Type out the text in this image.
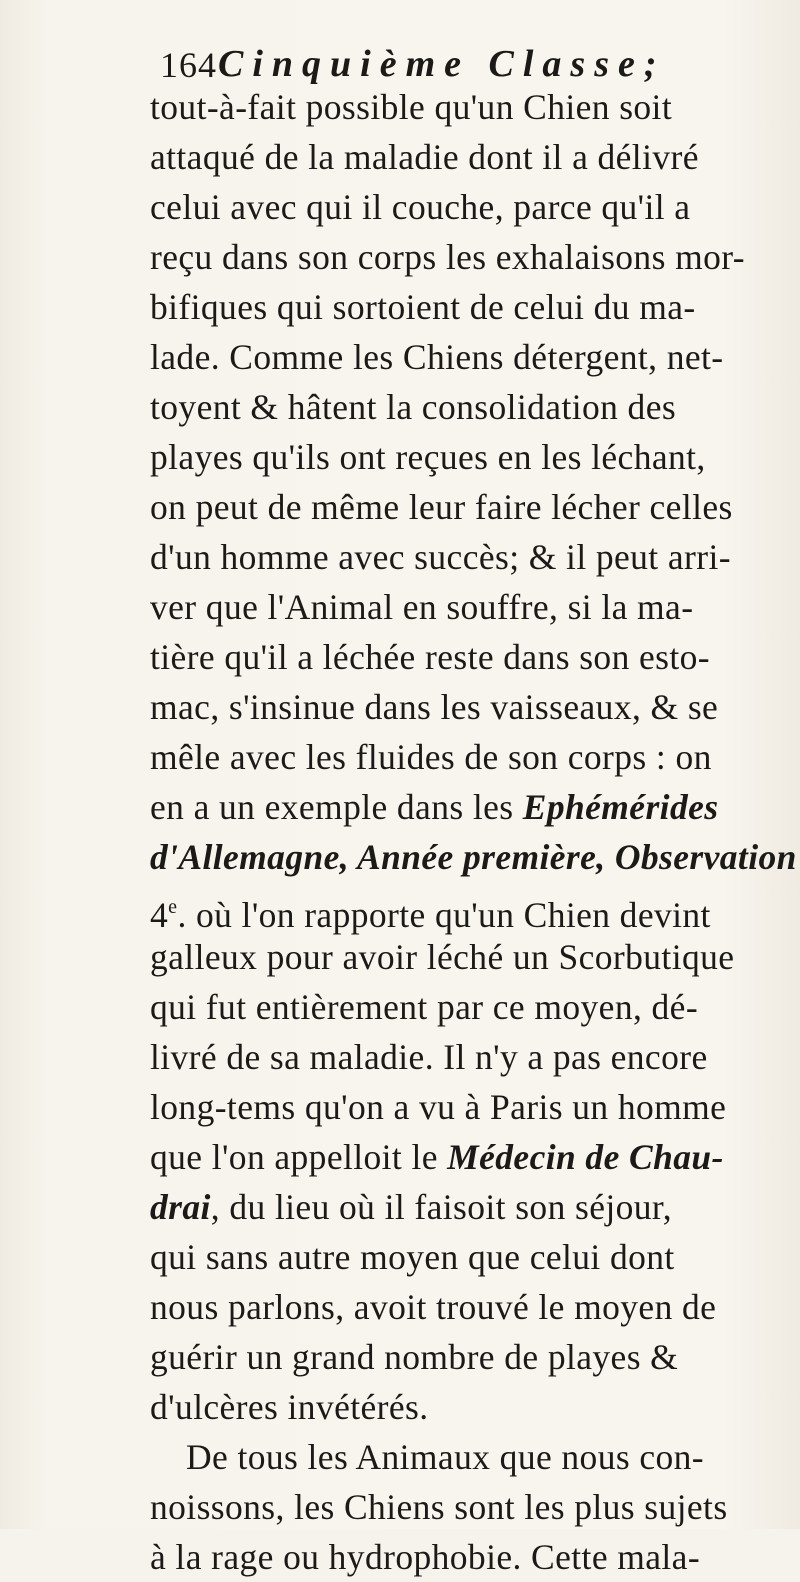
164 Cinquième Classe;
tout-à-fait possible qu'un Chien soit
attaqué de la maladie dont il a délivré
celui avec qui il couche, parce qu'il a
reçu dans son corps les exhalaisons mor-
bifiques qui sortoient de celui du ma-
lade. Comme les Chiens détergent, net-
toyent & hâtent la consolidation des
playes qu'ils ont reçues en les léchant,
on peut de même leur faire lécher celles
d'un homme avec succès; & il peut arri-
ver que l'Animal en souffre, si la ma-
tière qu'il a léchée reste dans son esto-
mac, s'insinue dans les vaisseaux, & se
mêle avec les fluides de son corps : on
en a un exemple dans les Ephémérides
d'Allemagne, Année première, Observation
4e. où l'on rapporte qu'un Chien devint
galleux pour avoir léché un Scorbutique
qui fut entièrement par ce moyen, dé-
livré de sa maladie. Il n'y a pas encore
long-tems qu'on a vu à Paris un homme
que l'on appelloit le Médecin de Chau-
drai, du lieu où il faisoit son séjour,
qui sans autre moyen que celui dont
nous parlons, avoit trouvé le moyen de
guérir un grand nombre de playes &
d'ulcères invétérés.
De tous les Animaux que nous con-
noissons, les Chiens sont les plus sujets
à la rage ou hydrophobie. Cette mala-
